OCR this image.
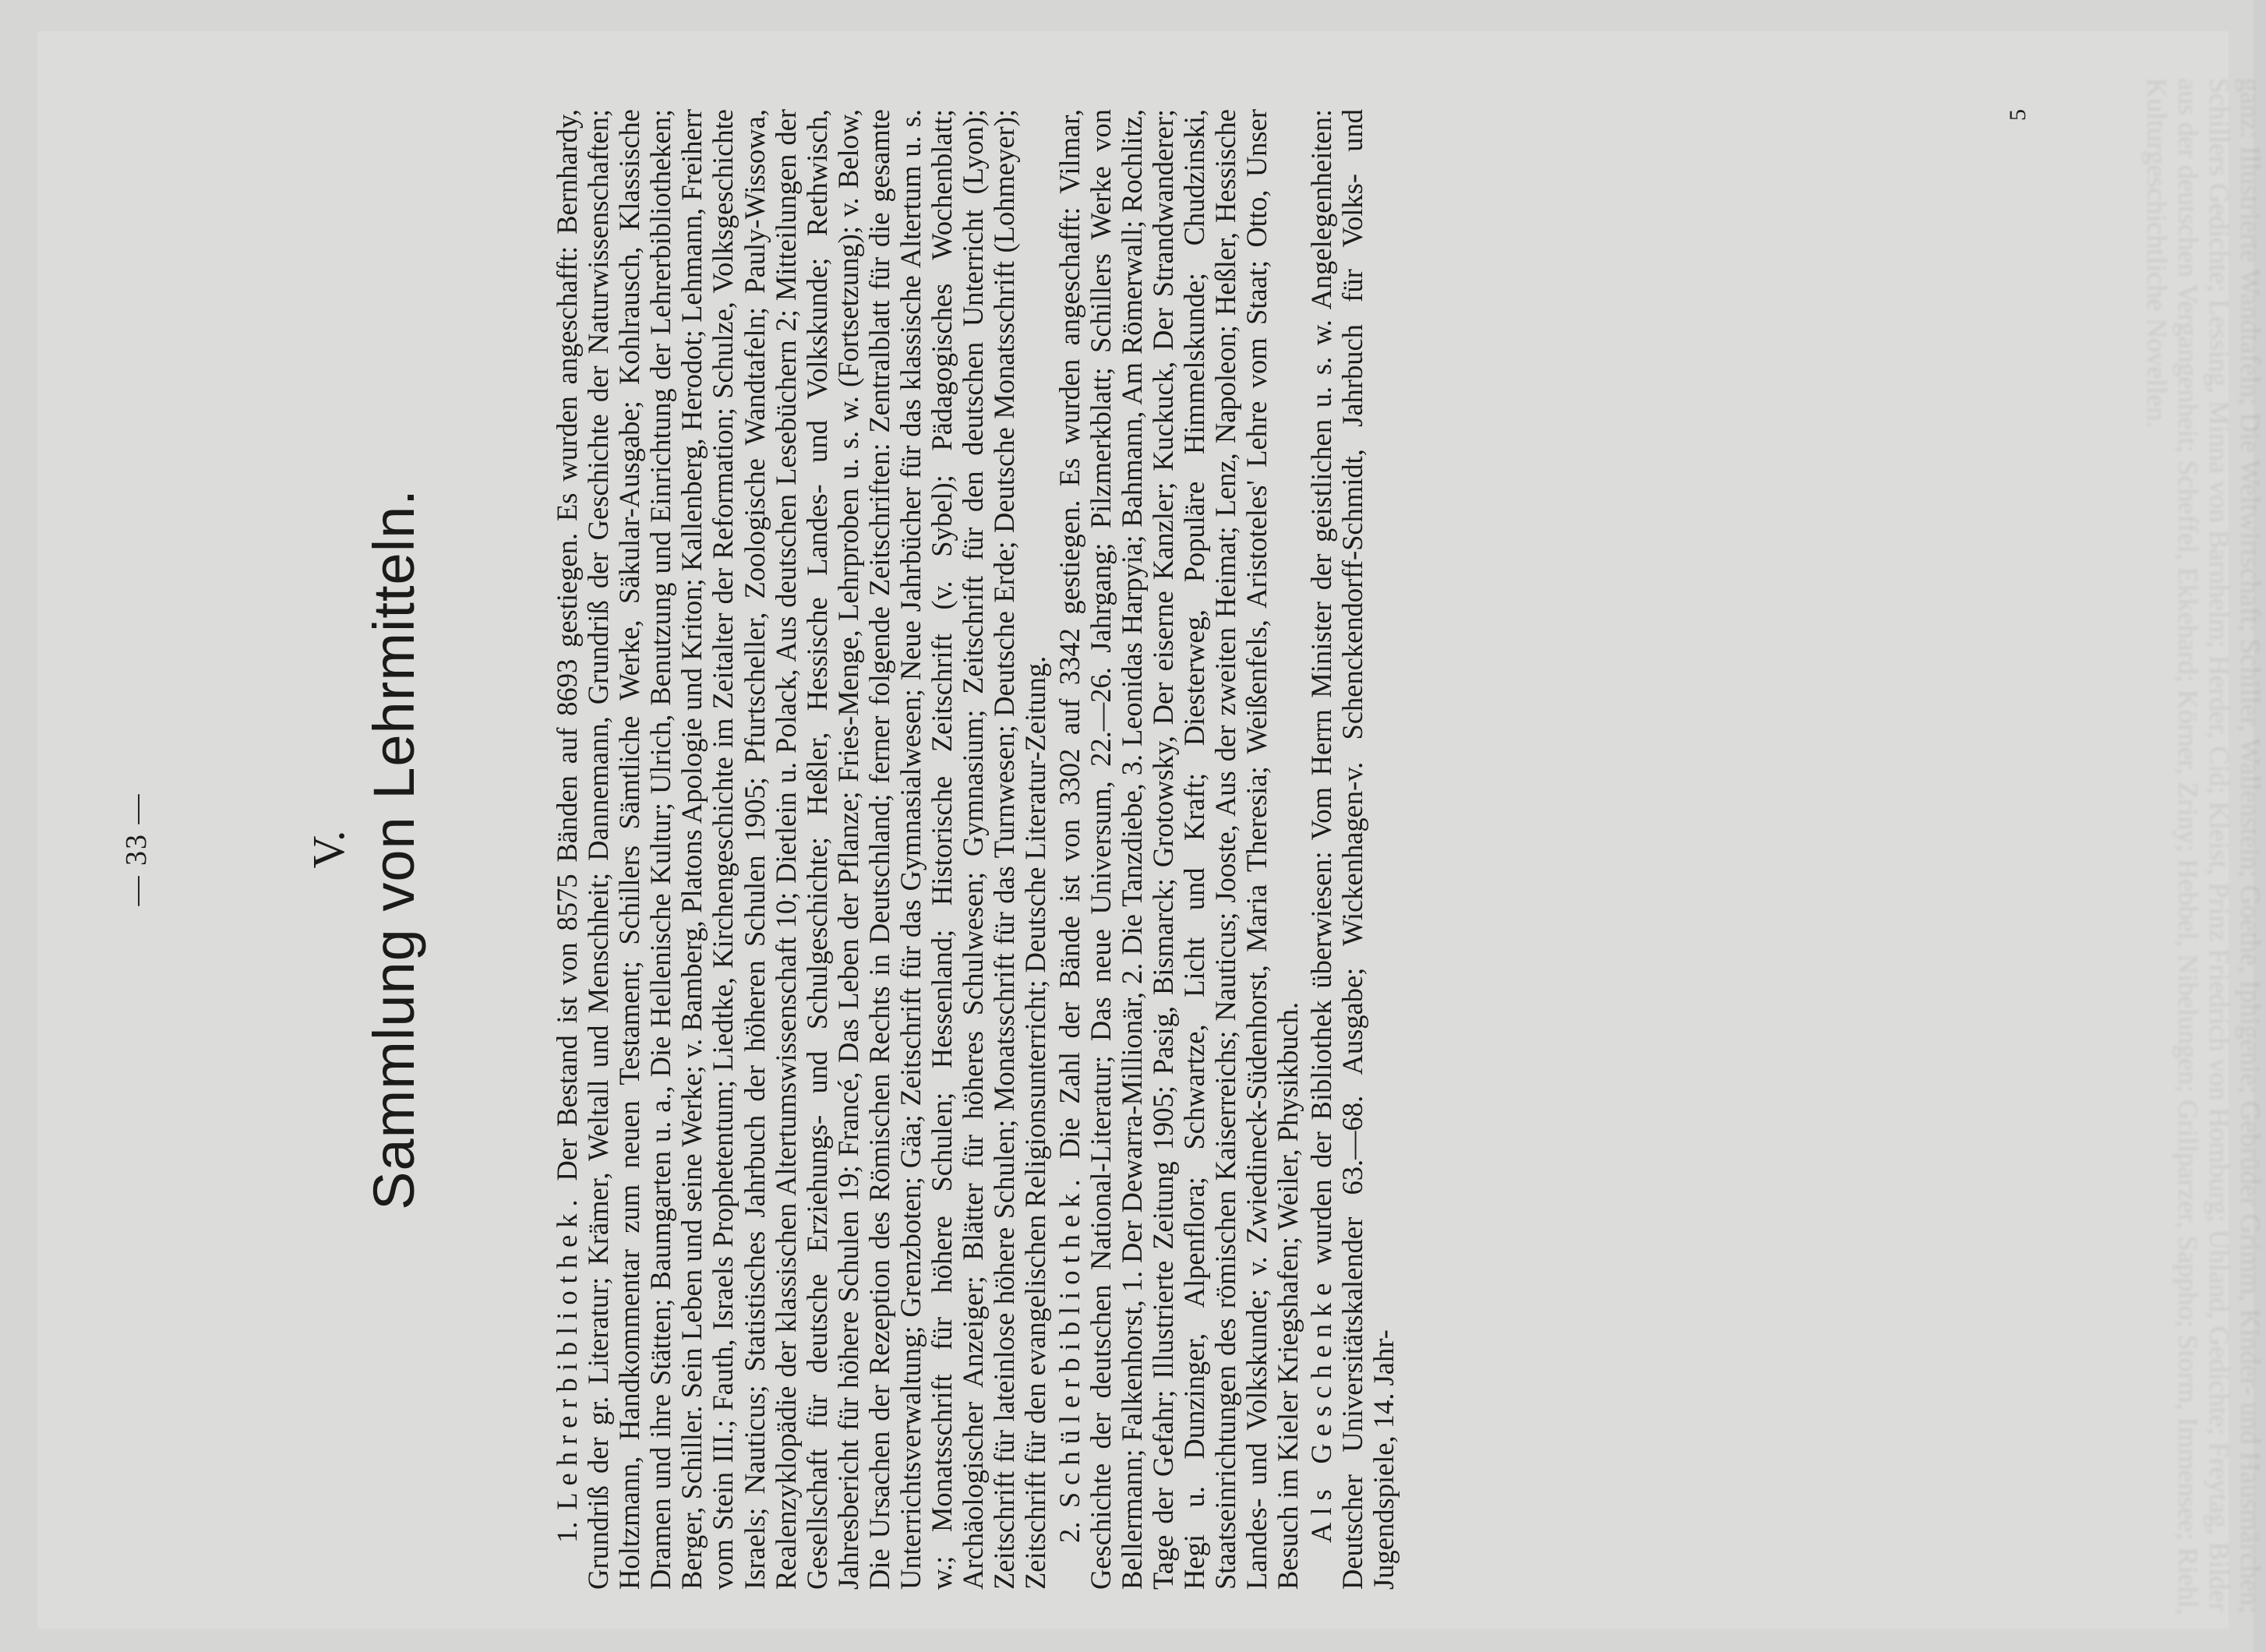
ganz: Illustrierte Wandtafeln; Die Weltwirtschaft; Schiller, Wallenstein; Goethe, Iphigenie; Gebrüder Grimm, Kinder- und Hausmärchen; Schillers Gedichte; Lessing, Minna von Barnhelm; Herder, Cid; Kleist, Prinz Friedrich von Homburg; Uhland, Gedichte; Freytag, Bilder aus der deutschen Vergangenheit; Scheffel, Ekkehard; Körner, Zriny; Hebbel, Nibelungen; Grillparzer, Sappho; Storm, Immensee; Riehl, Kulturgeschichtliche Novellen.

— 33 —	V. Sammlung von Lehrmitteln.

1. Lehrerbibliothek. Der Bestand ist von 8575 Bänden auf 8693 gestiegen. Es wurden angeschafft: Bernhardy, Grundriß der gr. Literatur; Krämer, Weltall und Menschheit; Dannemann, Grundriß der Geschichte der Naturwissenschaften; Holtzmann, Handkommentar zum neuen Testament; Schillers Sämtliche Werke, Säkular-Ausgabe; Kohlrausch, Klassische Dramen und ihre Stätten; Baumgarten u. a., Die Hellenische Kultur; Ulrich, Benutzung und Einrichtung der Lehrerbibliotheken; Berger, Schiller. Sein Leben und seine Werke; v. Bamberg, Platons Apologie und Kriton; Kallenberg, Herodot; Lehmann, Freiherr vom Stein III.; Fauth, Israels Prophetentum; Liedtke, Kirchengeschichte im Zeitalter der Reformation; Schulze, Volksgeschichte Israels; Nauticus; Statistisches Jahrbuch der höheren Schulen 1905; Pfurtscheller, Zoologische Wandtafeln; Pauly-Wissowa, Realenzyklopädie der klassischen Altertumswissenschaft 10; Dietlein u. Polack, Aus deutschen Lesebüchern 2; Mitteilungen der Gesellschaft für deutsche Erziehungs- und Schulgeschichte; Heßler, Hessische Landes- und Volkskunde; Rethwisch, Jahresbericht für höhere Schulen 19; Francé, Das Leben der Pflanze; Fries-Menge, Lehrproben u. s. w. (Fortsetzung); v. Below, Die Ursachen der Rezeption des Römischen Rechts in Deutschland; ferner folgende Zeitschriften: Zentralblatt für die gesamte Unterrichtsverwaltung; Grenzboten; Gäa; Zeitschrift für das Gymnasialwesen; Neue Jahrbücher für das klassische Altertum u. s. w.; Monatsschrift für höhere Schulen; Hessenland; Historische Zeitschrift (v. Sybel); Pädagogisches Wochenblatt; Archäologischer Anzeiger; Blätter für höheres Schulwesen; Gymnasium; Zeitschrift für den deutschen Unterricht (Lyon); Zeitschrift für lateinlose höhere Schulen; Monatsschrift für das Turnwesen; Deutsche Erde; Deutsche Monatsschrift (Lohmeyer); Zeitschrift für den evangelischen Religionsunterricht; Deutsche Literatur-Zeitung. 2. Schülerbibliothek. Die Zahl der Bände ist von 3302 auf 3342 gestiegen. Es wurden angeschafft: Vilmar, Geschichte der deutschen National-Literatur; Das neue Universum, 22.—26. Jahrgang; Pilzmerkblatt; Schillers Werke von Bellermann; Falkenhorst, 1. Der Dewarra-Millionär, 2. Die Tanzdiebe, 3. Leonidas Harpyia; Bahmann, Am Römerwall; Rochlitz, Tage der Gefahr; Illustrierte Zeitung 1905; Pasig, Bismarck; Grotowsky, Der eiserne Kanzler; Kuckuck, Der Strandwanderer; Hegi u. Dunzinger, Alpenflora; Schwartze, Licht und Kraft; Diesterweg, Populäre Himmelskunde; Chudzinski, Staatseinrichtungen des römischen Kaiserreichs; Nauticus; Jooste, Aus der zweiten Heimat; Lenz, Napoleon; Heßler, Hessische Landes- und Volkskunde; v. Zwiedineck-Südenhorst, Maria Theresia; Weißenfels, Aristoteles' Lehre vom Staat; Otto, Unser Besuch im Kieler Kriegshafen; Weiler, Physikbuch. Als Geschenke wurden der Bibliothek überwiesen: Vom Herrn Minister der geistlichen u. s. w. Angelegenheiten: Deutscher Universitätskalender 63.—68. Ausgabe; Wickenhagen-v. Schenckendorff-Schmidt, Jahrbuch für Volks- und Jugendspiele, 14. Jahr-

5
